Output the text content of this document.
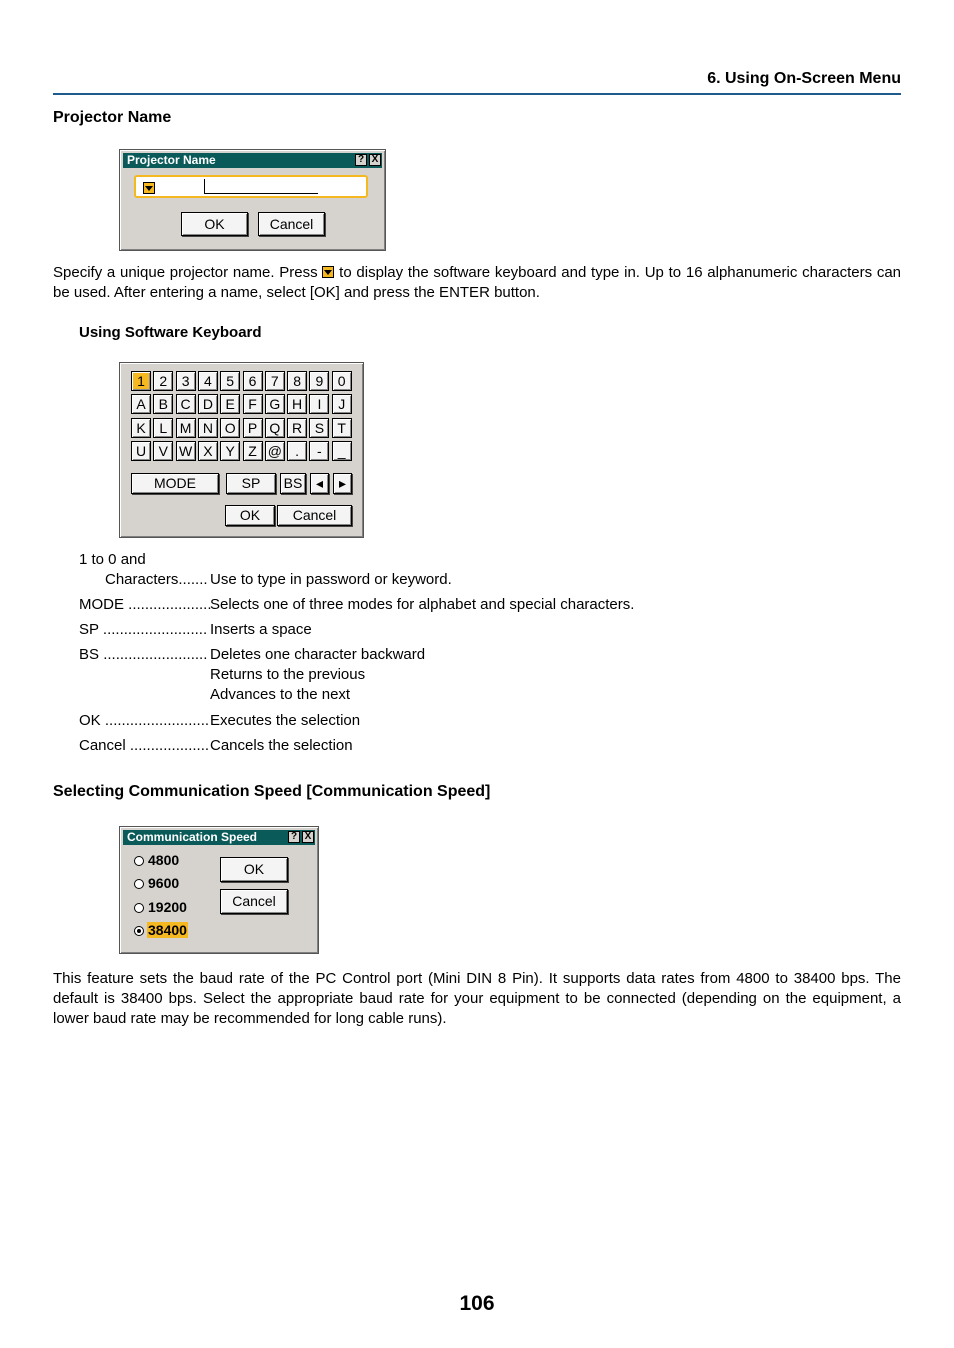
6. Using On-Screen Menu
Projector Name
Projector Name	? X
OK	Cancel
Specify a unique projector name. Press to display the software keyboard and type in. Up to 16 alphanumeric characters can be used. After entering a name, select [OK] and press the ENTER button.
Using Software Keyboard
1	2	3	4	5	6	7	8	9	0
A B C D E F G H	I	J
K L M N O P Q R S T
U V W X Y Z @ .	-	_
MODE	SP	BS ◂	▸
OK	Cancel
1 to 0 and
Characters....... Use to type in password or keyword.
MODE ....................
Selects one of three modes for alphabet and special characters.
SP ......................... Inserts a space
BS ......................... Deletes one character backward
Returns to the previous
Advances to the next
OK ......................... Executes the selection
Cancel ................... Cancels the selection
Selecting Communication Speed [Communication Speed]
Communication Speed	? X
4800
9600
19200
38400
OK
Cancel
This feature sets the baud rate of the PC Control port (Mini DIN 8 Pin). It supports data rates from 4800 to 38400 bps. The default is 38400 bps. Select the appropriate baud rate for your equipment to be connected (depending on the equipment, a lower baud rate may be recommended for long cable runs).
106
